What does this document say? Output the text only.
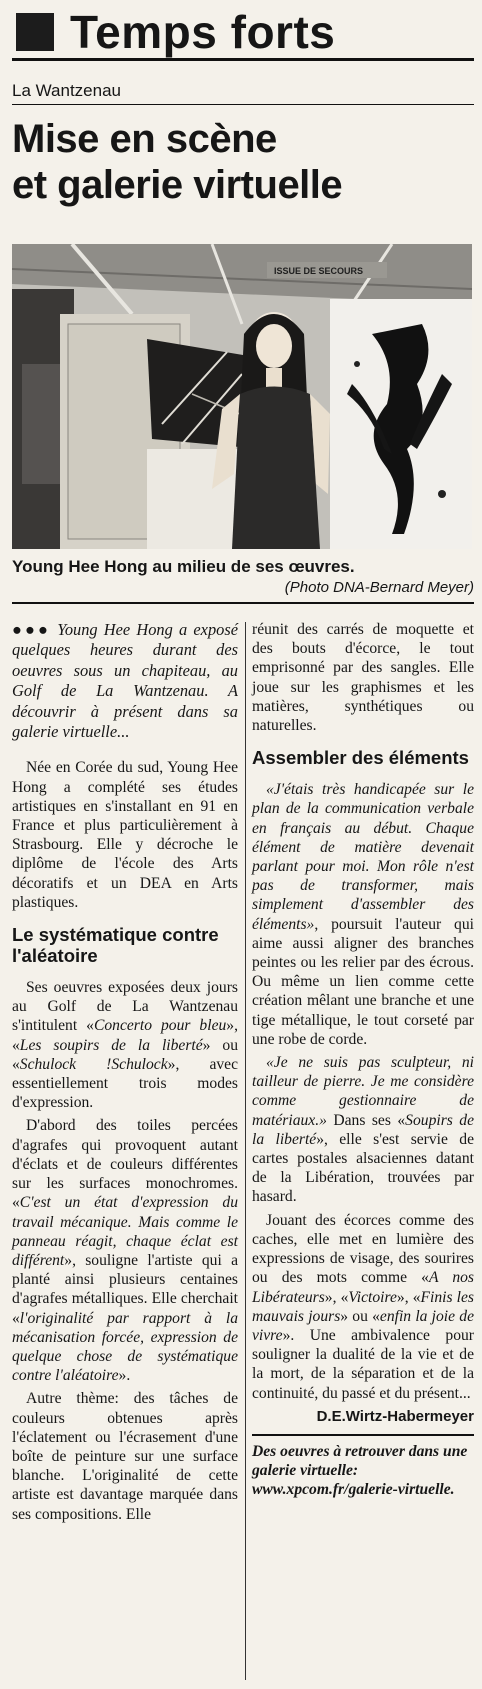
Temps forts
La Wantzenau
Mise en scène
et galerie virtuelle
ISSUE DE SECOURS
Young Hee Hong au milieu de ses œuvres.
(Photo DNA-Bernard Meyer)

●●● Young Hee Hong a exposé quelques heures durant des oeuvres sous un chapiteau, au Golf de La Wantzenau. A découvrir à présent dans sa galerie virtuelle...

Née en Corée du sud, Young Hee Hong a complété ses études artistiques en s'installant en 91 en France et plus particulièrement à Strasbourg. Elle y décroche le diplôme de l'école des Arts décoratifs et un DEA en Arts plastiques.

Le systématique contre l'aléatoire

Ses oeuvres exposées deux jours au Golf de La Wantzenau s'intitulent «Concerto pour bleu», «Les soupirs de la liberté» ou «Schulock !Schulock», avec essentiellement trois modes d'expression.

D'abord des toiles percées d'agrafes qui provoquent autant d'éclats et de couleurs différentes sur les surfaces monochromes. «C'est un état d'expression du travail mécanique. Mais comme le panneau réagit, chaque éclat est différent», souligne l'artiste qui a planté ainsi plusieurs centaines d'agrafes métalliques. Elle cherchait «l'originalité par rapport à la mécanisation forcée, expression de quelque chose de systématique contre l'aléatoire».

Autre thème: des tâches de couleurs obtenues après l'éclatement ou l'écrasement d'une boîte de peinture sur une surface blanche. L'originalité de cette artiste est davantage marquée dans ses compositions. Elle

réunit des carrés de moquette et des bouts d'écorce, le tout emprisonné par des sangles. Elle joue sur les graphismes et les matières, synthétiques ou naturelles.

Assembler des éléments

«J'étais très handicapée sur le plan de la communication verbale en français au début. Chaque élément de matière devenait parlant pour moi. Mon rôle n'est pas de transformer, mais simplement d'assembler des éléments», poursuit l'auteur qui aime aussi aligner des branches peintes ou les relier par des écrous. Ou même un lien comme cette création mêlant une branche et une tige métallique, le tout corseté par une robe de corde.

«Je ne suis pas sculpteur, ni tailleur de pierre. Je me considère comme gestionnaire de matériaux.» Dans ses «Soupirs de la liberté», elle s'est servie de cartes postales alsaciennes datant de la Libération, trouvées par hasard.

Jouant des écorces comme des caches, elle met en lumière des expressions de visage, des sourires ou des mots comme «A nos Libérateurs», «Victoire», «Finis les mauvais jours» ou «enfin la joie de vivre». Une ambivalence pour souligner la dualité de la vie et de la mort, de la séparation et de la continuité, du passé et du présent...

D.E.Wirtz-Habermeyer

Des oeuvres à retrouver dans une galerie virtuelle: www.xpcom.fr/galerie-virtuelle.
